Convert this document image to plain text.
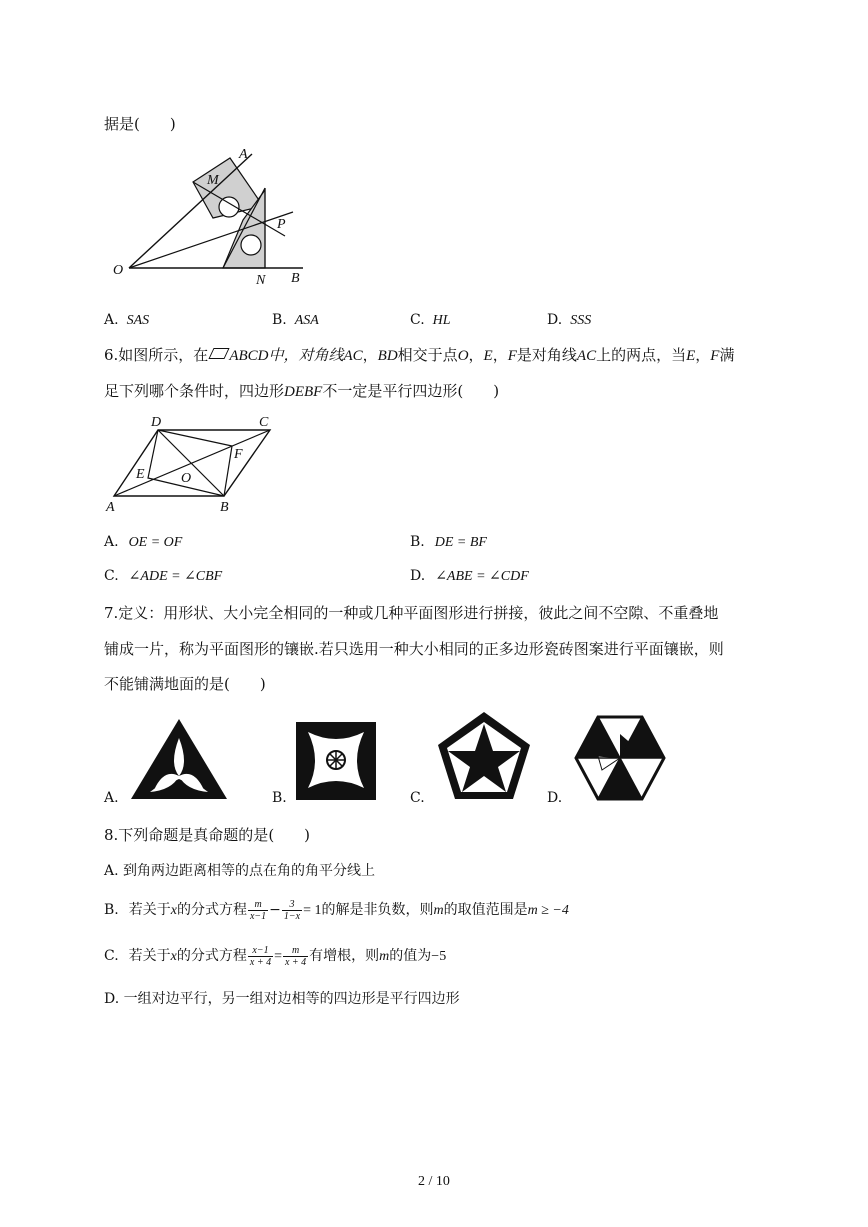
据是(　　)
A
M
P
O
N B
A. SAS	B. ASA	C. HL	D. SSS
6.如图所示，在 ABCD中，对角线AC，BD相交于点O，E，F是对角线AC上的两点，当E，F满
足下列哪个条件时，四边形DEBF不一定是平行四边形(　　)
D	C
E
F
O
A	B
A. OE = OF	B. DE = BF
C. ∠ADE = ∠CBF	D. ∠ABE = ∠CDF
7.定义：用形状、大小完全相同的一种或几种平面图形进行拼接，彼此之间不空隙、不重叠地
铺成一片，称为平面图形的镶嵌.若只选用一种大小相同的正多边形瓷砖图案进行平面镶嵌，则
不能铺满地面的是(　　)
A.	B.	C.	D.
8.下列命题是真命题的是(　　)
A. 到角两边距离相等的点在角的角平分线上
B. 若关于x的分式方程 $\frac{m}{x-1} - \frac{3}{1-x} = 1$的解是非负数，则m的取值范围是m ≥ −4
C. 若关于x的分式方程 $\frac{x-1}{x + 4} = \frac{m}{x + 4}$ 有增根，则m的值为−5
D. 一组对边平行，另一组对边相等的四边形是平行四边形
2 / 10
